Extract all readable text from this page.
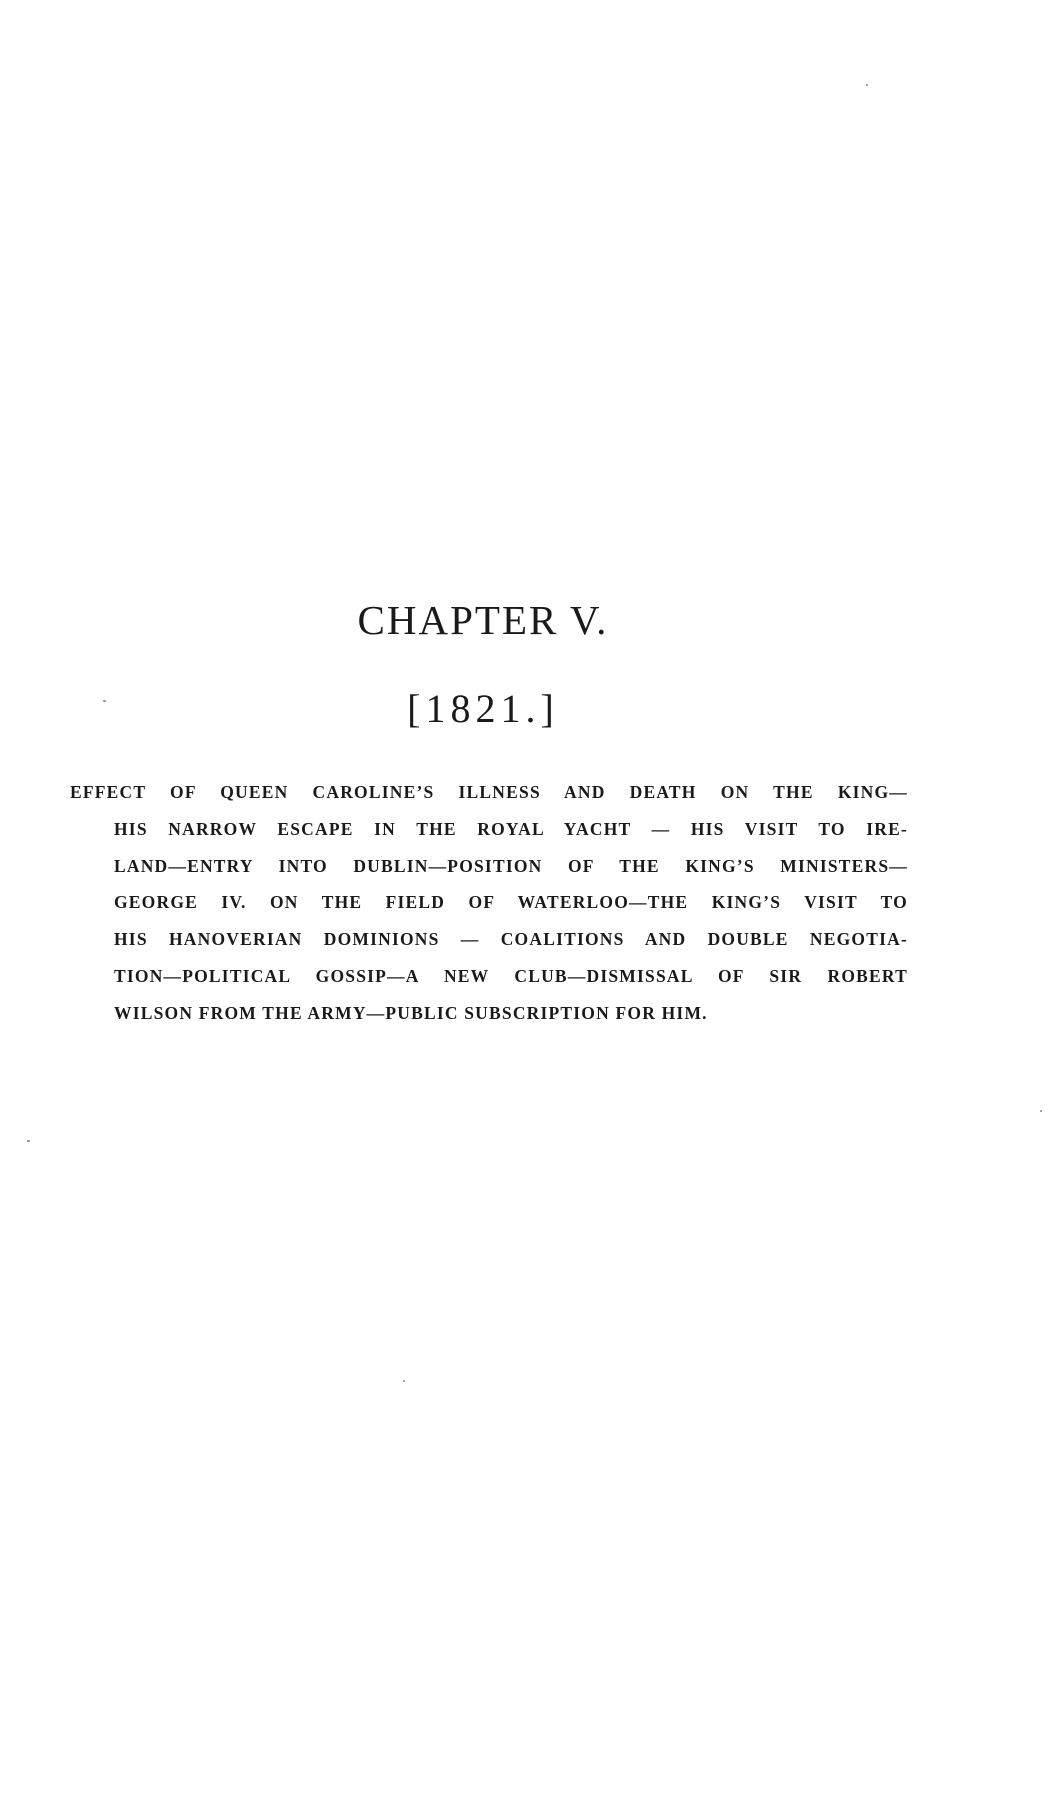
CHAPTER V.
[1821.]
EFFECT OF QUEEN CAROLINE’S ILLNESS AND DEATH ON THE KING—
HIS NARROW ESCAPE IN THE ROYAL YACHT — HIS VISIT TO IRE-
LAND—ENTRY INTO DUBLIN—POSITION OF THE KING’S MINISTERS—
GEORGE IV. ON THE FIELD OF WATERLOO—THE KING’S VISIT TO
HIS HANOVERIAN DOMINIONS — COALITIONS AND DOUBLE NEGOTIA-
TION—POLITICAL GOSSIP—A NEW CLUB—DISMISSAL OF SIR ROBERT
WILSON FROM THE ARMY—PUBLIC SUBSCRIPTION FOR HIM.
